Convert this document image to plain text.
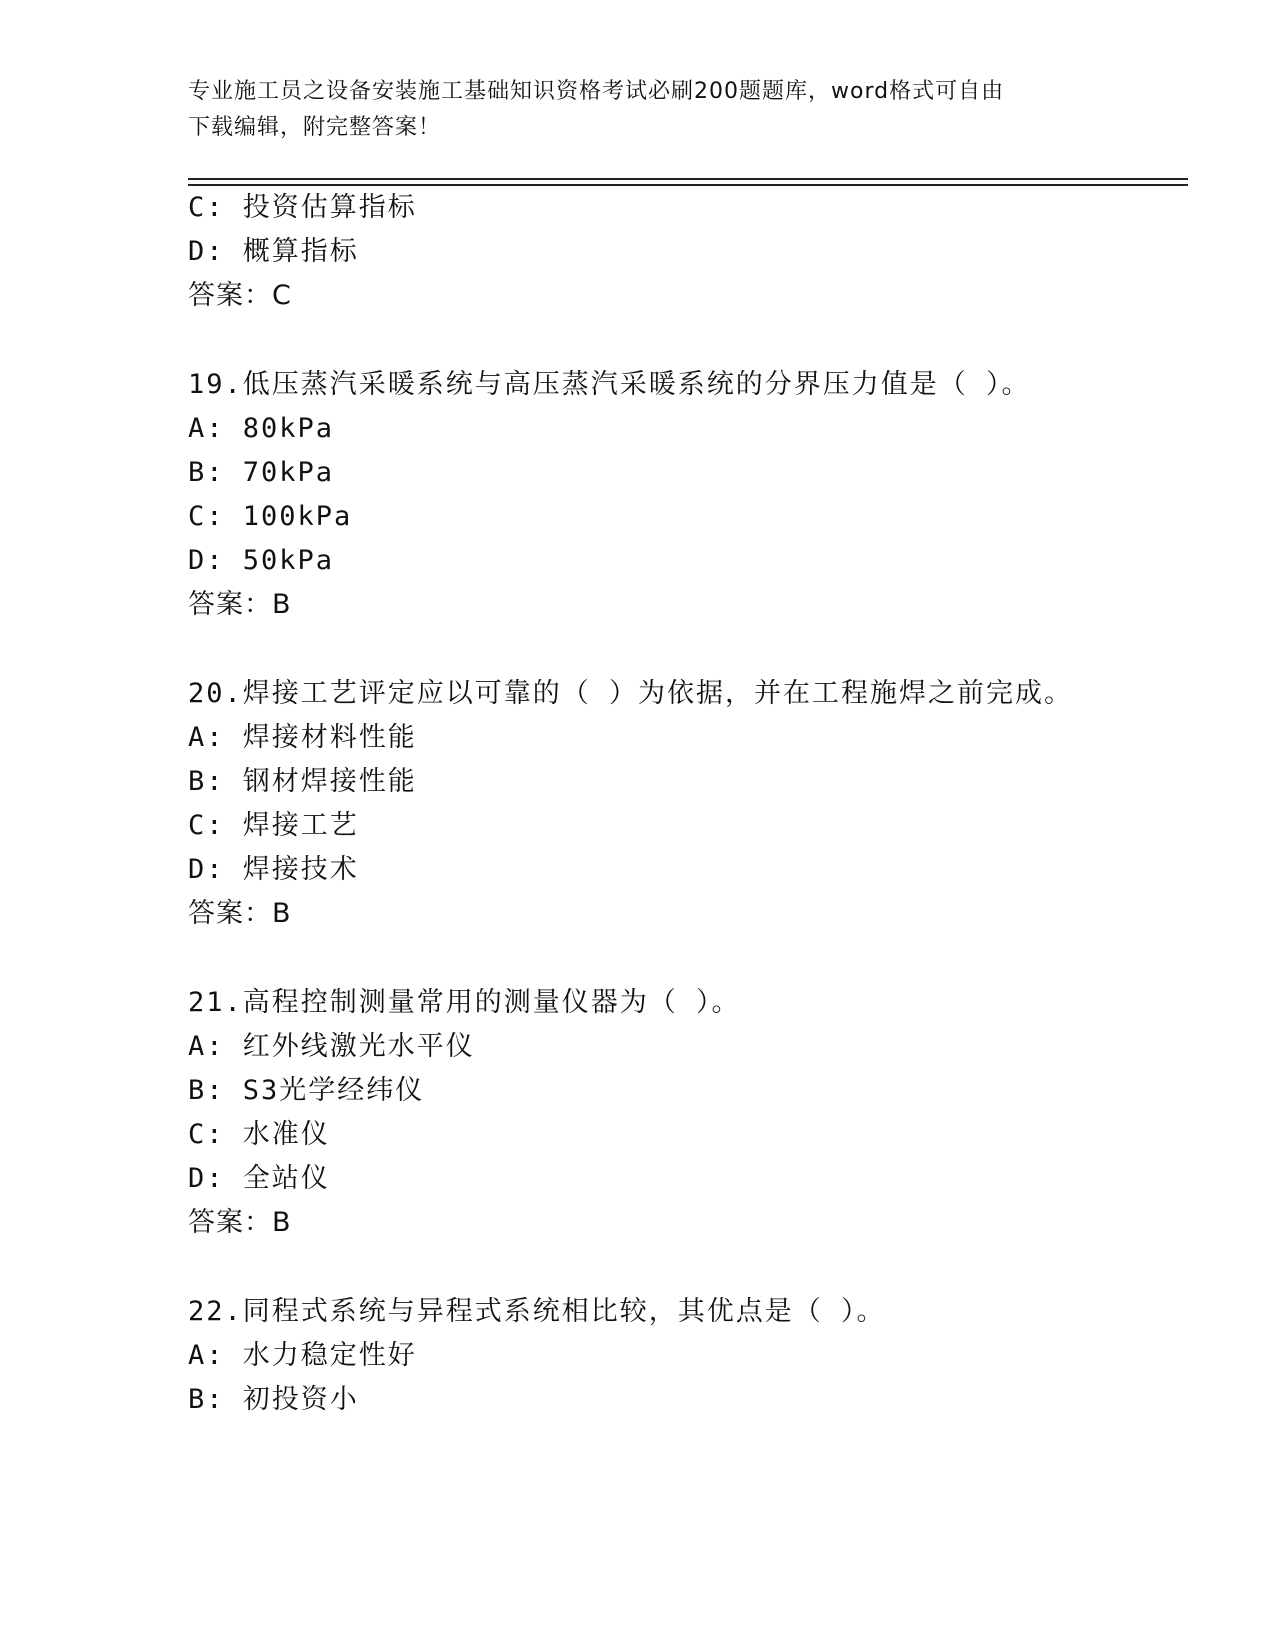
专业施工员之设备安装施工基础知识资格考试必刷200题题库，word格式可自由
下载编辑，附完整答案！
C: 投资估算指标
D: 概算指标
答案：C
19.低压蒸汽采暖系统与高压蒸汽采暖系统的分界压力值是（ ）。
A: 80kPa
B: 70kPa
C: 100kPa
D: 50kPa
答案：B
20.焊接工艺评定应以可靠的（ ）为依据，并在工程施焊之前完成。
A: 焊接材料性能
B: 钢材焊接性能
C: 焊接工艺
D: 焊接技术
答案：B
21.高程控制测量常用的测量仪器为（ ）。
A: 红外线激光水平仪
B: S3光学经纬仪
C: 水准仪
D: 全站仪
答案：B
22.同程式系统与异程式系统相比较，其优点是（ ）。
A: 水力稳定性好
B: 初投资小
